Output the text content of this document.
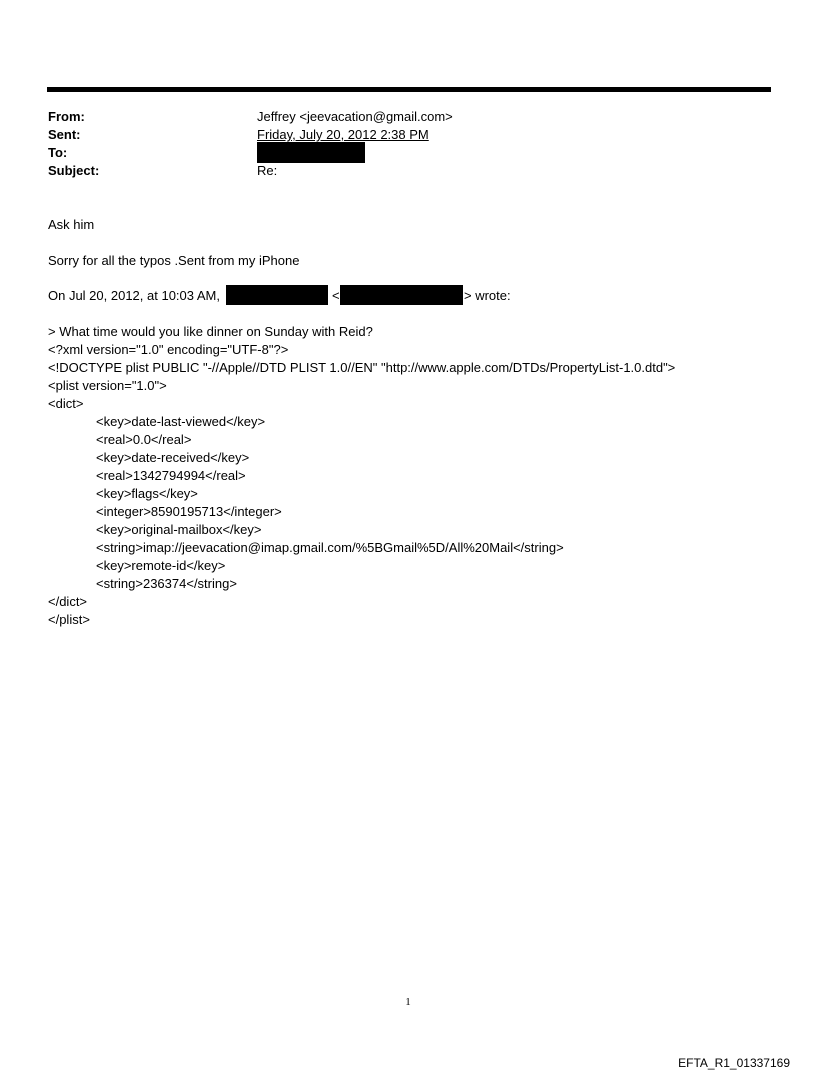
From:	Jeffrey <jeevacation@gmail.com>
Sent:	Friday, July 20, 2012 2:38 PM
To:
Subject:	Re:
Ask him
Sorry for all the typos .Sent from my iPhone
On Jul 20, 2012, at 10:03 AM,	<	> wrote:
> What time would you like dinner on Sunday with Reid?
<?xml version="1.0" encoding="UTF-8"?>
<!DOCTYPE plist PUBLIC "-//Apple//DTD PLIST 1.0//EN" "http://www.apple.com/DTDs/PropertyList-1.0.dtd">
<plist version="1.0">
<dict>
<key>date-last-viewed</key>
<real>0.0</real>
<key>date-received</key>
<real>1342794994</real>
<key>flags</key>
<integer>8590195713</integer>
<key>original-mailbox</key>
<string>imap://jeevacation@imap.gmail.com/%5BGmail%5D/All%20Mail</string>
<key>remote-id</key>
<string>236374</string>
</dict>
</plist>
1
EFTA_R1_01337169
